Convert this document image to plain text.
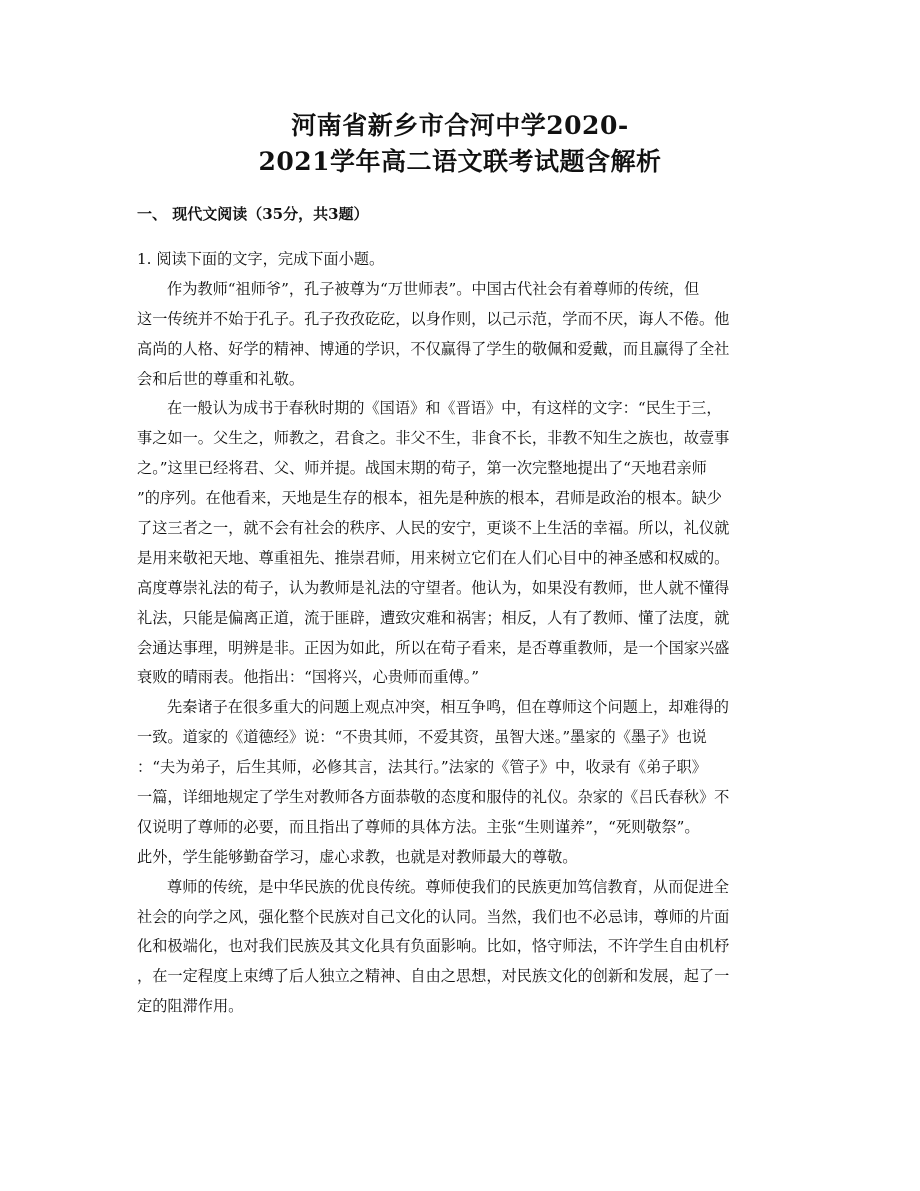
河南省新乡市合河中学2020-
2021学年高二语文联考试题含解析
一、 现代文阅读（35分，共3题）
1. 阅读下面的文字，完成下面小题。
作为教师“祖师爷”，孔子被尊为“万世师表”。中国古代社会有着尊师的传统，但
这一传统并不始于孔子。孔子孜孜矻矻，以身作则，以己示范，学而不厌，诲人不倦。他
高尚的人格、好学的精神、博通的学识，不仅赢得了学生的敬佩和爱戴，而且赢得了全社
会和后世的尊重和礼敬。
在一般认为成书于春秋时期的《国语》和《晋语》中，有这样的文字：“民生于三，
事之如一。父生之，师教之，君食之。非父不生，非食不长，非教不知生之族也，故壹事
之。”这里已经将君、父、师并提。战国末期的荀子，第一次完整地提出了“天地君亲师
”的序列。在他看来，天地是生存的根本，祖先是种族的根本，君师是政治的根本。缺少
了这三者之一，就不会有社会的秩序、人民的安宁，更谈不上生活的幸福。所以，礼仪就
是用来敬祀天地、尊重祖先、推崇君师，用来树立它们在人们心目中的神圣感和权威的。
高度尊崇礼法的荀子，认为教师是礼法的守望者。他认为，如果没有教师，世人就不懂得
礼法，只能是偏离正道，流于匪辟，遭致灾难和祸害；相反，人有了教师、懂了法度，就
会通达事理，明辨是非。正因为如此，所以在荀子看来，是否尊重教师，是一个国家兴盛
衰败的晴雨表。他指出：“国将兴，心贵师而重傅。”
先秦诸子在很多重大的问题上观点冲突，相互争鸣，但在尊师这个问题上，却难得的
一致。道家的《道德经》说：“不贵其师，不爱其资，虽智大迷。”墨家的《墨子》也说
：“夫为弟子，后生其师，必修其言，法其行。”法家的《管子》中，收录有《弟子职》
一篇，详细地规定了学生对教师各方面恭敬的态度和服侍的礼仪。杂家的《吕氏春秋》不
仅说明了尊师的必要，而且指出了尊师的具体方法。主张“生则谨养”，“死则敬祭”。
此外，学生能够勤奋学习，虚心求教，也就是对教师最大的尊敬。
尊师的传统，是中华民族的优良传统。尊师使我们的民族更加笃信教育，从而促进全
社会的向学之风，强化整个民族对自己文化的认同。当然，我们也不必忌讳，尊师的片面
化和极端化，也对我们民族及其文化具有负面影响。比如，恪守师法，不许学生自由机杼
，在一定程度上束缚了后人独立之精神、自由之思想，对民族文化的创新和发展，起了一
定的阻滞作用。
